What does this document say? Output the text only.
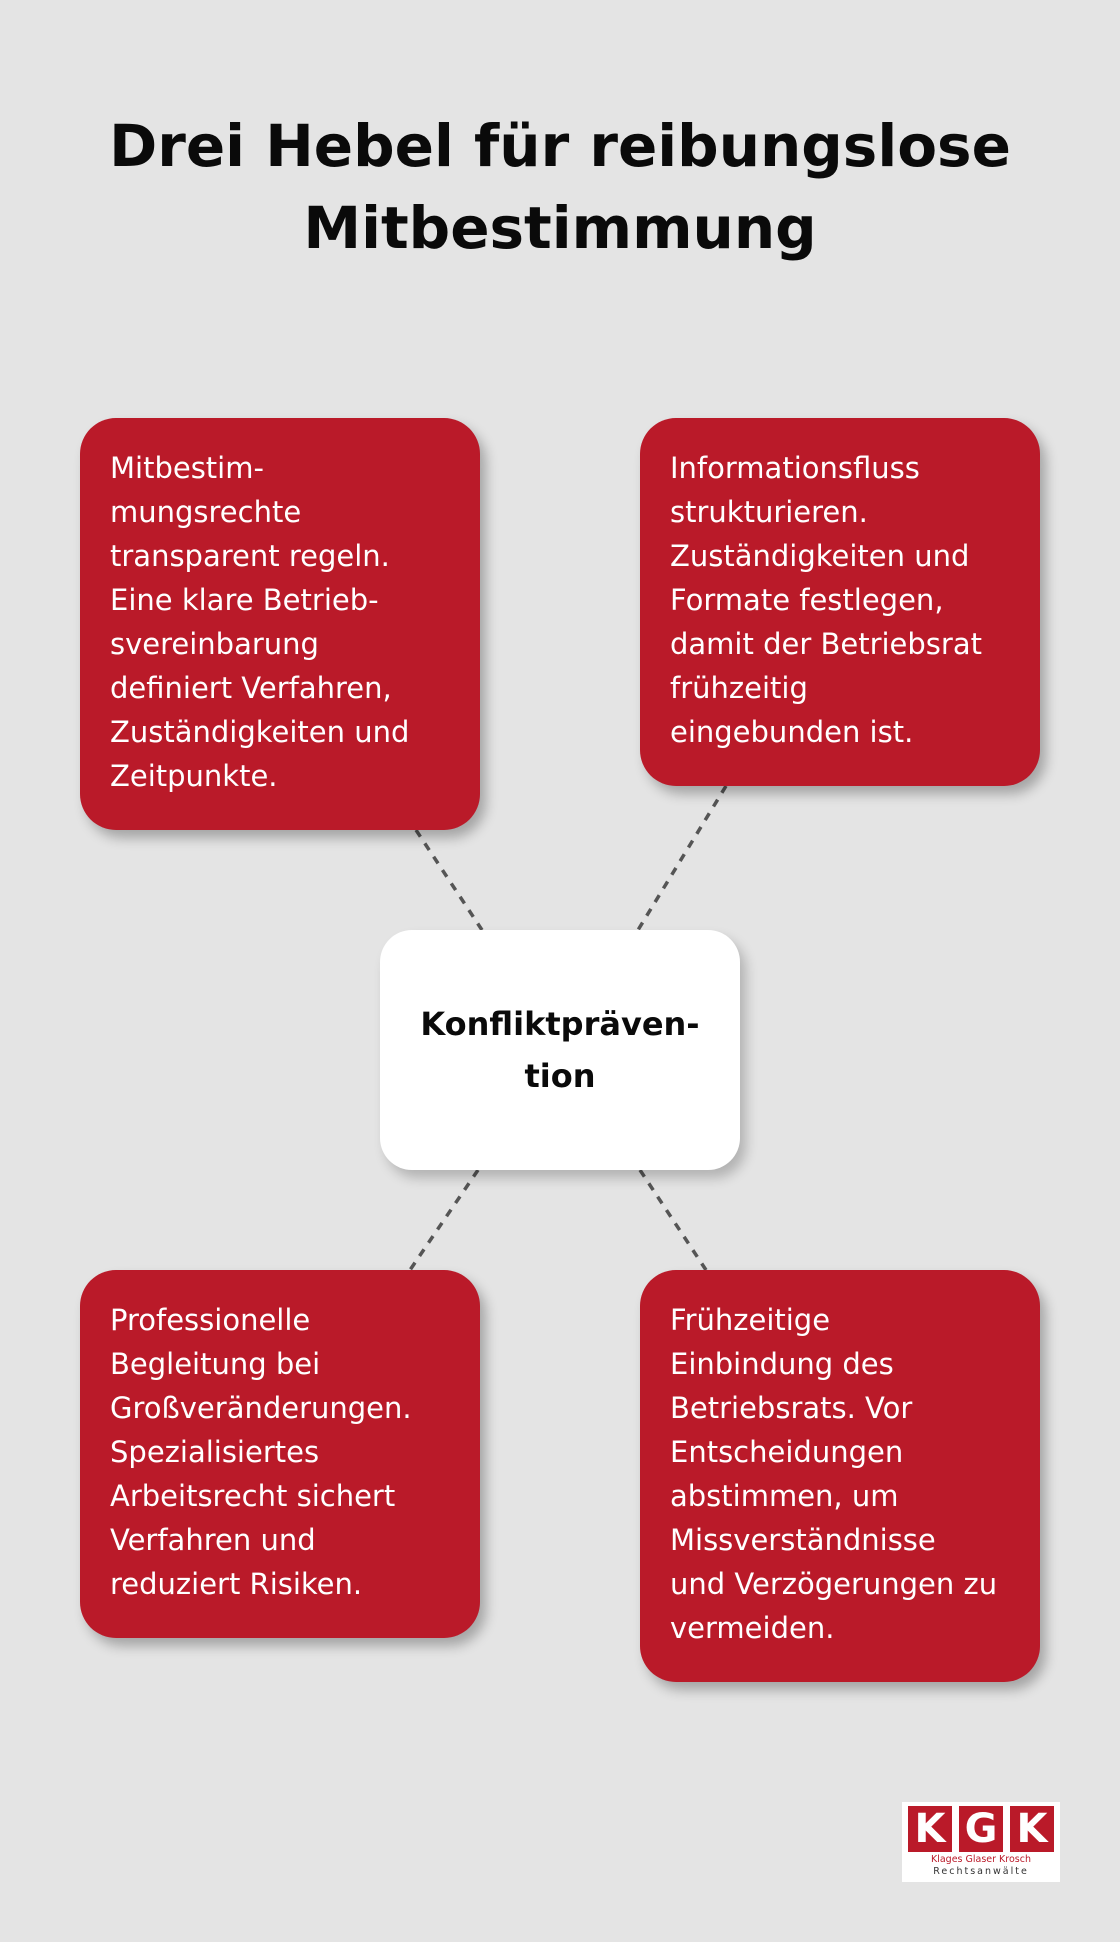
Drei Hebel für reibungslose
Mitbestimmung
Mitbestim-
mungsrechte
transparent regeln.
Eine klare Betrieb-
svereinbarung
definiert Verfahren,
Zuständigkeiten und
Zeitpunkte.
Informationsfluss
strukturieren.
Zuständigkeiten und
Formate festlegen,
damit der Betriebsrat
frühzeitig
eingebunden ist.
Konfliktpräven-
tion
Professionelle
Begleitung bei
Großveränderungen.
Spezialisiertes
Arbeitsrecht sichert
Verfahren und
reduziert Risiken.
Frühzeitige
Einbindung des
Betriebsrats. Vor
Entscheidungen
abstimmen, um
Missverständnisse
und Verzögerungen zu
vermeiden.
K G K
Klages Glaser Krosch
Rechtsanwälte
